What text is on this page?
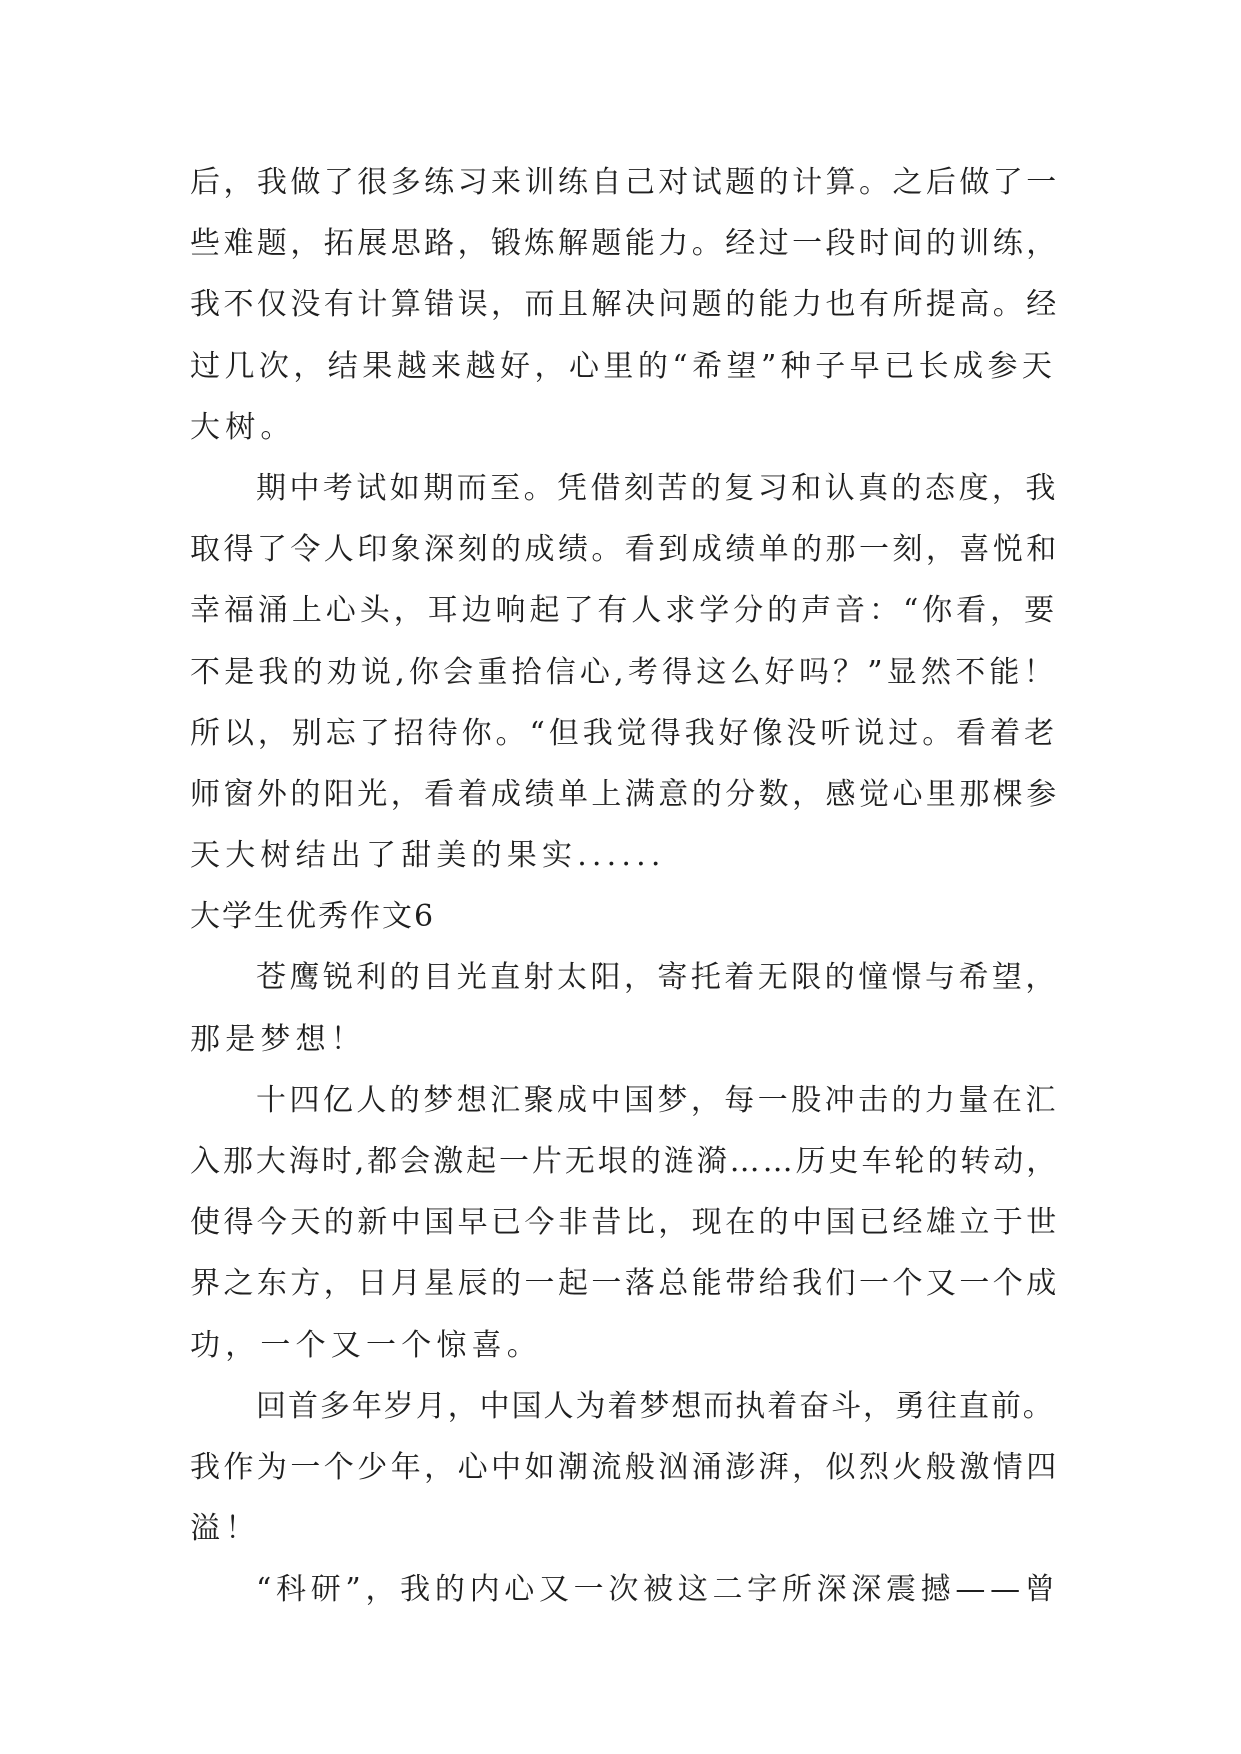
后，我做了很多练习来训练自己对试题的计算。之后做了一
些难题，拓展思路，锻炼解题能力。经过一段时间的训练，
我不仅没有计算错误，而且解决问题的能力也有所提高。经
过几次，结果越来越好，心里的“希望”种子早已长成参天
大树。
期中考试如期而至。凭借刻苦的复习和认真的态度，我
取得了令人印象深刻的成绩。看到成绩单的那一刻，喜悦和
幸福涌上心头，耳边响起了有人求学分的声音：“你看，要
不是我的劝说,你会重拾信心,考得这么好吗？”显然不能！
所以，别忘了招待你。“但我觉得我好像没听说过。看着老
师窗外的阳光，看着成绩单上满意的分数，感觉心里那棵参
天大树结出了甜美的果实......
大学生优秀作文6
苍鹰锐利的目光直射太阳，寄托着无限的憧憬与希望，
那是梦想！
十四亿人的梦想汇聚成中国梦，每一股冲击的力量在汇
入那大海时,都会激起一片无垠的涟漪……历史车轮的转动，
使得今天的新中国早已今非昔比，现在的中国已经雄立于世
界之东方，日月星辰的一起一落总能带给我们一个又一个成
功，一个又一个惊喜。
回首多年岁月，中国人为着梦想而执着奋斗，勇往直前。
我作为一个少年，心中如潮流般汹涌澎湃，似烈火般激情四
溢！
“科研”，我的内心又一次被这二字所深深震撼——曾
